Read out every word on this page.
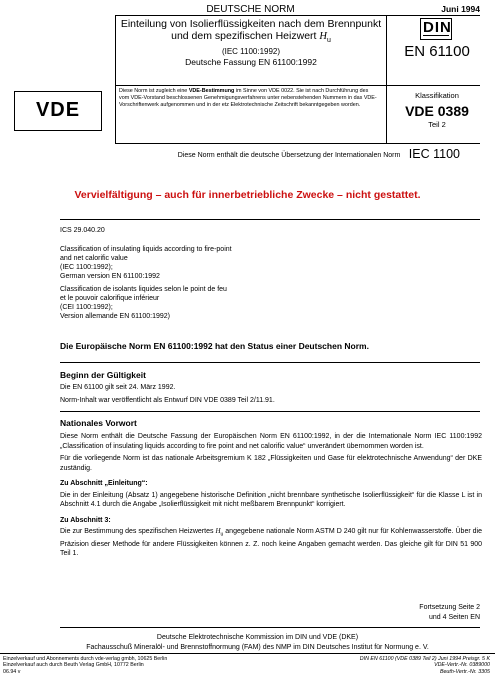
DEUTSCHE NORM	Juni 1994
Einteilung von Isolierflüssigkeiten nach dem Brennpunkt
und dem spezifischen Heizwert $H_u$
(IEC 1100:1992)
Deutsche Fassung EN 61100:1992
DIN
EN 61100
VDE
Diese Norm ist zugleich eine VDE-Bestimmung im Sinne von VDE 0022. Sie ist nach Durchführung des vom VDE-Vorstand beschlossenen Genehmigungsverfahrens unter nebenstehenden Nummern in das VDE-Vorschriftenwerk aufgenommen und in der etz Elektrotechnische Zeitschrift bekanntgegeben worden.
Klassifikation
VDE 0389
Teil 2
Diese Norm enthält die deutsche Übersetzung der Internationalen Norm IEC 1100
Vervielfältigung – auch für innerbetriebliche Zwecke – nicht gestattet.
ICS 29.040.20
Classification of insulating liquids according to fire-point
and net calorific value
(IEC 1100:1992);
German version EN 61100:1992
Classification de isolants liquides selon le point de feu
et le pouvoir calorifique inférieur
(CEI 1100:1992);
Version allemande EN 61100:1992)
Die Europäische Norm EN 61100:1992 hat den Status einer Deutschen Norm.
Beginn der Gültigkeit
Die EN 61100 gilt seit 24. März 1992.
Norm-Inhalt war veröffentlicht als Entwurf DIN VDE 0389 Teil 2/11.91.
Nationales Vorwort

Diese Norm enthält die Deutsche Fassung der Europäischen Norm EN 61100:1992, in der die Internationale Norm IEC 1100:1992 „Classification of insulating liquids according to fire point and net calorific value“ unverändert übernommen worden ist.

Für die vorliegende Norm ist das nationale Arbeitsgremium K 182 „Flüssigkeiten und Gase für elektrotechnische Anwendung“ der DKE zuständig.

Zu Abschnitt „Einleitung“:

Die in der Einleitung (Absatz 1) angegebene historische Definition „nicht brennbare synthetische Isolierflüssigkeit“ für die Klasse L ist in Abschnitt 4.1 durch die Angabe „Isolierflüssigkeit mit nicht meßbarem Brennpunkt“ korrigiert.

Zu Abschnitt 3:

Die zur Bestimmung des spezifischen Heizwertes $H_u$ angegebene nationale Norm ASTM D 240 gilt nur für Kohlenwasserstoffe. Über die Präzision dieser Methode für andere Flüssigkeiten können z. Z. noch keine Angaben gemacht werden. Das gleiche gilt für DIN 51 900 Teil 1.

Fortsetzung Seite 2
und 4 Seiten EN
Deutsche Elektrotechnische Kommission im DIN und VDE (DKE)
Fachausschuß Mineralöl- und Brennstoffnormung (FAM) des NMP im DIN Deutsches Institut für Normung e. V.
Einzelverkauf und Abonnements durch vde-verlag gmbh, 10625 Berlin
Einzelverkauf auch durch Beuth Verlag GmbH, 10772 Berlin
06.94 v
DIN EN 61100 (VDE 0389 Teil 2) Juni 1994 Preisgr. 5 K
VDE-Vertr.-Nr. 0389000
Beuth-Vertr.-Nr. 3305
